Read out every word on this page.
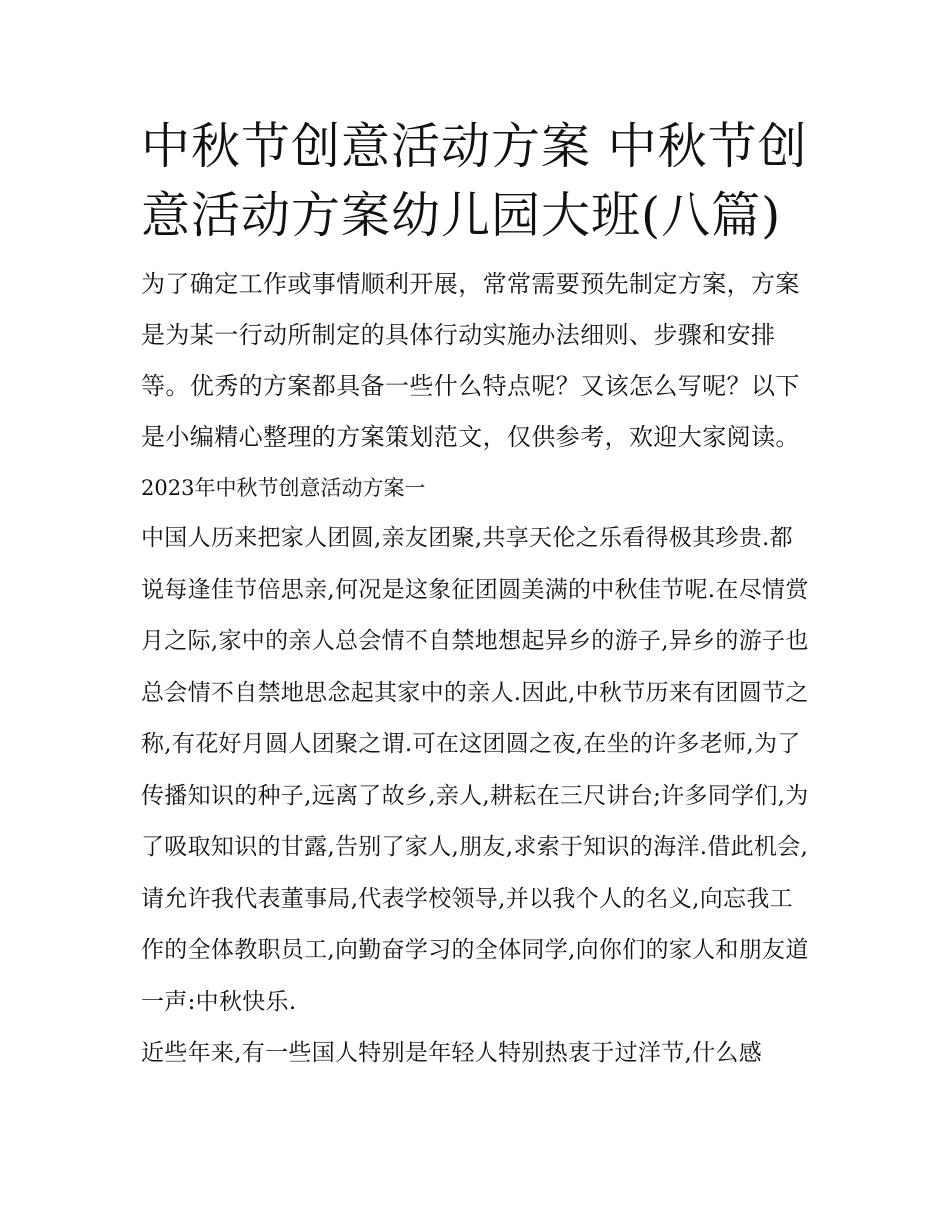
中秋节创意活动方案 中秋节创意活动方案幼儿园大班(八篇)

为了确定工作或事情顺利开展，常常需要预先制定方案，方案是为某一行动所制定的具体行动实施办法细则、步骤和安排等。优秀的方案都具备一些什么特点呢？又该怎么写呢？以下是小编精心整理的方案策划范文，仅供参考，欢迎大家阅读。

2023年中秋节创意活动方案一

中国人历来把家人团圆,亲友团聚,共享天伦之乐看得极其珍贵.都说每逢佳节倍思亲,何况是这象征团圆美满的中秋佳节呢.在尽情赏月之际,家中的亲人总会情不自禁地想起异乡的游子,异乡的游子也总会情不自禁地思念起其家中的亲人.因此,中秋节历来有团圆节之称,有花好月圆人团聚之谓.可在这团圆之夜,在坐的许多老师,为了传播知识的种子,远离了故乡,亲人,耕耘在三尺讲台;许多同学们,为了吸取知识的甘露,告别了家人,朋友,求索于知识的海洋.借此机会,请允许我代表董事局,代表学校领导,并以我个人的名义,向忘我工作的全体教职员工,向勤奋学习的全体同学,向你们的家人和朋友道一声:中秋快乐.

近些年来,有一些国人特别是年轻人特别热衷于过洋节,什么感
